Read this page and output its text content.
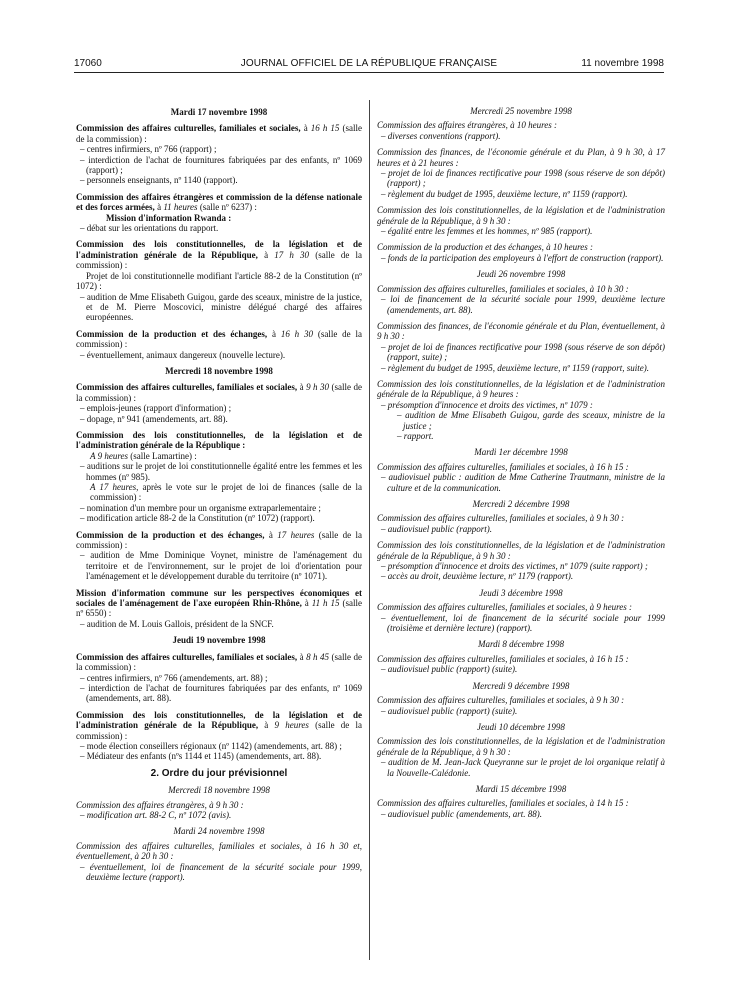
17060	JOURNAL OFFICIEL DE LA RÉPUBLIQUE FRANÇAISE	11 novembre 1998
Mardi 17 novembre 1998
Commission des affaires culturelles, familiales et sociales, à 16 h 15 (salle de la commission) :
– centres infirmiers, nº 766 (rapport) ;
– interdiction de l'achat de fournitures fabriquées par des enfants, nº 1069 (rapport) ;
– personnels enseignants, nº 1140 (rapport).
Commission des affaires étrangères et commission de la défense nationale et des forces armées, à 11 heures (salle nº 6237) :
Mission d'information Rwanda :
– débat sur les orientations du rapport.
Commission des lois constitutionnelles, de la législation et de l'administration générale de la République, à 17 h 30 (salle de la commission) :
Projet de loi constitutionnelle modifiant l'article 88-2 de la Constitution (nº 1072) :
– audition de Mme Elisabeth Guigou, garde des sceaux, ministre de la justice, et de M. Pierre Moscovici, ministre délégué chargé des affaires européennes.
Commission de la production et des échanges, à 16 h 30 (salle de la commission) :
– éventuellement, animaux dangereux (nouvelle lecture).
Mercredi 18 novembre 1998
Commission des affaires culturelles, familiales et sociales, à 9 h 30 (salle de la commission) :
– emplois-jeunes (rapport d'information) ;
– dopage, nº 941 (amendements, art. 88).
Commission des lois constitutionnelles, de la législation et de l'administration générale de la République :
A 9 heures (salle Lamartine) :
– auditions sur le projet de loi constitutionnelle égalité entre les femmes et les hommes (nº 985).
A 17 heures, après le vote sur le projet de loi de finances (salle de la commission) :
– nomination d'un membre pour un organisme extraparlementaire ;
– modification article 88-2 de la Constitution (nº 1072) (rapport).
Commission de la production et des échanges, à 17 heures (salle de la commission) :
– audition de Mme Dominique Voynet, ministre de l'aménagement du territoire et de l'environnement, sur le projet de loi d'orientation pour l'aménagement et le développement durable du territoire (nº 1071).
Mission d'information commune sur les perspectives économiques et sociales de l'aménagement de l'axe européen Rhin-Rhône, à 11 h 15 (salle nº 6550) :
– audition de M. Louis Gallois, président de la SNCF.
Jeudi 19 novembre 1998
Commission des affaires culturelles, familiales et sociales, à 8 h 45 (salle de la commission) :
– centres infirmiers, nº 766 (amendements, art. 88) ;
– interdiction de l'achat de fournitures fabriquées par des enfants, nº 1069 (amendements, art. 88).
Commission des lois constitutionnelles, de la législation et de l'administration générale de la République, à 9 heures (salle de la commission) :
– mode élection conseillers régionaux (nº 1142) (amendements, art. 88) ;
– Médiateur des enfants (nºs 1144 et 1145) (amendements, art. 88).
2. Ordre du jour prévisionnel
Mercredi 18 novembre 1998
Commission des affaires étrangères, à 9 h 30 :
– modification art. 88-2 C, nº 1072 (avis).
Mardi 24 novembre 1998
Commission des affaires culturelles, familiales et sociales, à 16 h 30 et, éventuellement, à 20 h 30 :
– éventuellement, loi de financement de la sécurité sociale pour 1999, deuxième lecture (rapport).
Mercredi 25 novembre 1998
Commission des affaires étrangères, à 10 heures :
– diverses conventions (rapport).
Commission des finances, de l'économie générale et du Plan, à 9 h 30, à 17 heures et à 21 heures :
– projet de loi de finances rectificative pour 1998 (sous réserve de son dépôt) (rapport) ;
– règlement du budget de 1995, deuxième lecture, nº 1159 (rapport).
Commission des lois constitutionnelles, de la législation et de l'administration générale de la République, à 9 h 30 :
– égalité entre les femmes et les hommes, nº 985 (rapport).
Commission de la production et des échanges, à 10 heures :
– fonds de la participation des employeurs à l'effort de construction (rapport).
Jeudi 26 novembre 1998
Commission des affaires culturelles, familiales et sociales, à 10 h 30 :
– loi de financement de la sécurité sociale pour 1999, deuxième lecture (amendements, art. 88).
Commission des finances, de l'économie générale et du Plan, éventuellement, à 9 h 30 :
– projet de loi de finances rectificative pour 1998 (sous réserve de son dépôt) (rapport, suite) ;
– règlement du budget de 1995, deuxième lecture, nº 1159 (rapport, suite).
Commission des lois constitutionnelles, de la législation et de l'administration générale de la République, à 9 heures :
– présomption d'innocence et droits des victimes, nº 1079 :
– audition de Mme Elisabeth Guigou, garde des sceaux, ministre de la justice ;
– rapport.
Mardi 1er décembre 1998
Commission des affaires culturelles, familiales et sociales, à 16 h 15 :
– audiovisuel public : audition de Mme Catherine Trautmann, ministre de la culture et de la communication.
Mercredi 2 décembre 1998
Commission des affaires culturelles, familiales et sociales, à 9 h 30 :
– audiovisuel public (rapport).
Commission des lois constitutionnelles, de la législation et de l'administration générale de la République, à 9 h 30 :
– présomption d'innocence et droits des victimes, nº 1079 (suite rapport) ;
– accès au droit, deuxième lecture, nº 1179 (rapport).
Jeudi 3 décembre 1998
Commission des affaires culturelles, familiales et sociales, à 9 heures :
– éventuellement, loi de financement de la sécurité sociale pour 1999 (troisième et dernière lecture) (rapport).
Mardi 8 décembre 1998
Commission des affaires culturelles, familiales et sociales, à 16 h 15 :
– audiovisuel public (rapport) (suite).
Mercredi 9 décembre 1998
Commission des affaires culturelles, familiales et sociales, à 9 h 30 :
– audiovisuel public (rapport) (suite).
Jeudi 10 décembre 1998
Commission des lois constitutionnelles, de la législation et de l'administration générale de la République, à 9 h 30 :
– audition de M. Jean-Jack Queyranne sur le projet de loi organique relatif à la Nouvelle-Calédonie.
Mardi 15 décembre 1998
Commission des affaires culturelles, familiales et sociales, à 14 h 15 :
– audiovisuel public (amendements, art. 88).
